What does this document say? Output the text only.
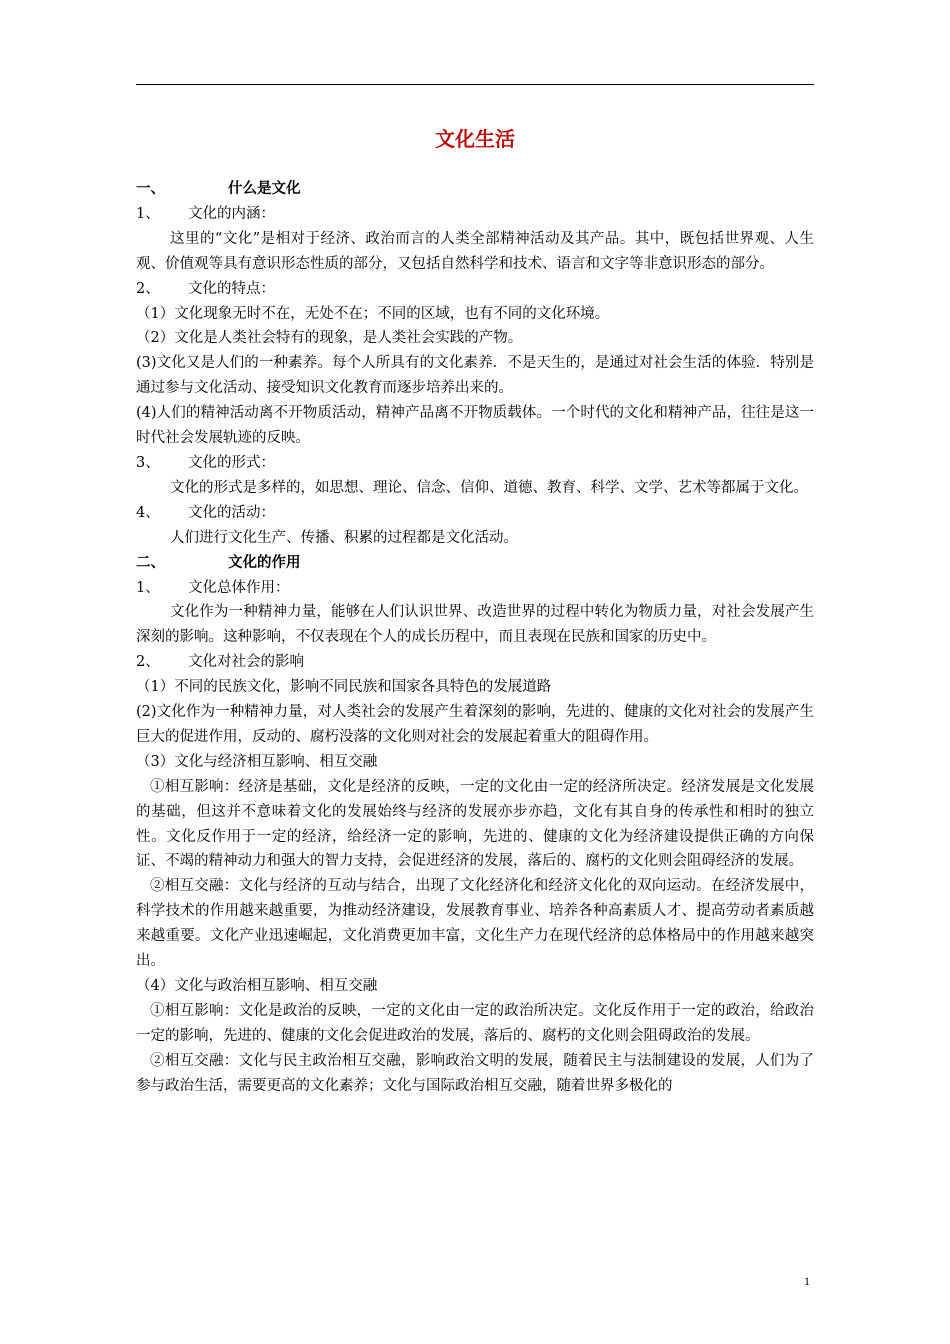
文化生活

一、	什么是文化

1、 文化的内涵：

这里的“文化”是相对于经济、政治而言的人类全部精神活动及其产品。其中，既包括世界观、人生观、价值观等具有意识形态性质的部分，又包括自然科学和技术、语言和文字等非意识形态的部分。

2、 文化的特点：

（1）文化现象无时不在，无处不在；不同的区域，也有不同的文化环境。

（2）文化是人类社会特有的现象，是人类社会实践的产物。

(3)文化又是人们的一种素养。每个人所具有的文化素养．不是天生的，是通过对社会生活的体验．特别是通过参与文化活动、接受知识文化教育而逐步培养出来的。

(4)人们的精神活动离不开物质活动，精神产品离不开物质载体。一个时代的文化和精神产品，往往是这一时代社会发展轨迹的反映。

3、 文化的形式：

文化的形式是多样的，如思想、理论、信念、信仰、道德、教育、科学、文学、艺术等都属于文化。

4、 文化的活动：

人们进行文化生产、传播、积累的过程都是文化活动。

二、	文化的作用

1、 文化总体作用：

文化作为一种精神力量，能够在人们认识世界、改造世界的过程中转化为物质力量，对社会发展产生深刻的影响。这种影响，不仅表现在个人的成长历程中，而且表现在民族和国家的历史中。

2、 文化对社会的影响

（1）不同的民族文化，影响不同民族和国家各具特色的发展道路

(2)文化作为一种精神力量，对人类社会的发展产生着深刻的影响，先进的、健康的文化对社会的发展产生巨大的促进作用，反动的、腐朽没落的文化则对社会的发展起着重大的阻碍作用。

（3）文化与经济相互影响、相互交融

①相互影响：经济是基础，文化是经济的反映，一定的文化由一定的经济所决定。经济发展是文化发展的基础，但这并不意味着文化的发展始终与经济的发展亦步亦趋，文化有其自身的传承性和相时的独立性。文化反作用于一定的经济，给经济一定的影响，先进的、健康的文化为经济建设提供正确的方向保证、不竭的精神动力和强大的智力支持，会促进经济的发展，落后的、腐朽的文化则会阻碍经济的发展。

②相互交融：文化与经济的互动与结合，出现了文化经济化和经济文化化的双向运动。在经济发展中，科学技术的作用越来越重要，为推动经济建设，发展教育事业、培养各种高素质人才、提高劳动者素质越来越重要。文化产业迅速崛起，文化消费更加丰富，文化生产力在现代经济的总体格局中的作用越来越突出。

（4）文化与政治相互影响、相互交融

①相互影响：文化是政治的反映，一定的文化由一定的政治所决定。文化反作用于一定的政治，给政治一定的影响，先进的、健康的文化会促进政治的发展，落后的、腐朽的文化则会阻碍政治的发展。

②相互交融：文化与民主政治相互交融，影响政治文明的发展，随着民主与法制建设的发展，人们为了参与政治生活，需要更高的文化素养；文化与国际政治相互交融，随着世界多极化的

1
